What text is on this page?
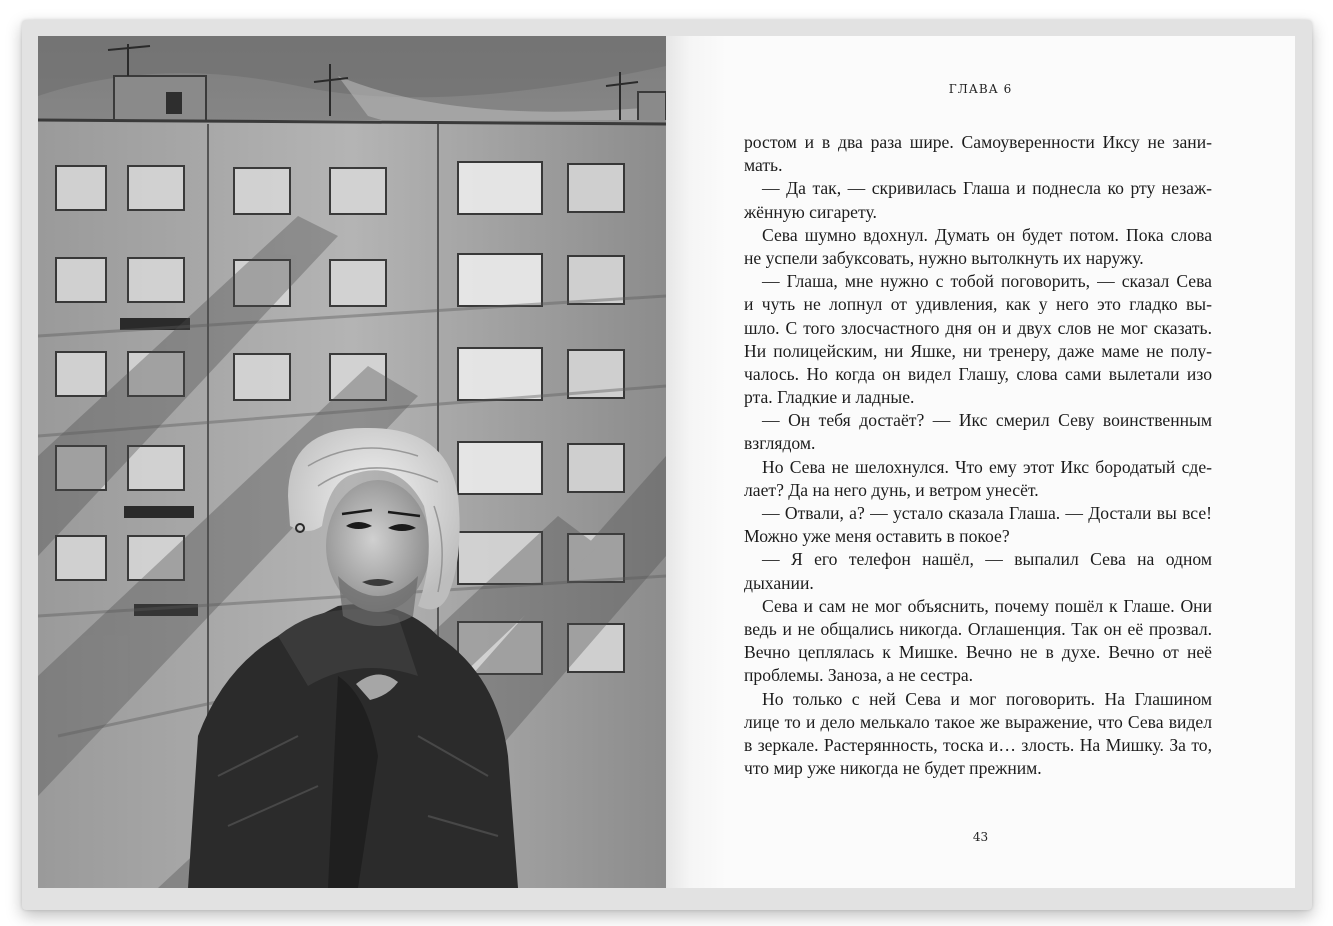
ГЛАВА 6
ростом и в два раза шире. Самоуверенности Иксу не зани-
мать.
— Да так, — скривилась Глаша и поднесла ко рту незаж-
жённую сигарету.
Сева шумно вдохнул. Думать он будет потом. Пока слова
не успели забуксовать, нужно вытолкнуть их наружу.
— Глаша, мне нужно с тобой поговорить, — сказал Сева
и чуть не лопнул от удивления, как у него это гладко вы-
шло. С того злосчастного дня он и двух слов не мог сказать.
Ни полицейским, ни Яшке, ни тренеру, даже маме не полу-
чалось. Но когда он видел Глашу, слова сами вылетали изо
рта. Гладкие и ладные.
— Он тебя достаёт? — Икс смерил Севу воинственным
взглядом.
Но Сева не шелохнулся. Что ему этот Икс бородатый сде-
лает? Да на него дунь, и ветром унесёт.
— Отвали, а? — устало сказала Глаша. — Достали вы все!
Можно уже меня оставить в покое?
— Я его телефон нашёл, — выпалил Сева на одном
дыхании.
Сева и сам не мог объяснить, почему пошёл к Глаше. Они
ведь и не общались никогда. Оглашенция. Так он её прозвал.
Вечно цеплялась к Мишке. Вечно не в духе. Вечно от неё
проблемы. Заноза, а не сестра.
Но только с ней Сева и мог поговорить. На Глашином
лице то и дело мелькало такое же выражение, что Сева видел
в зеркале. Растерянность, тоска и… злость. На Мишку. За то,
что мир уже никогда не будет прежним.
43
